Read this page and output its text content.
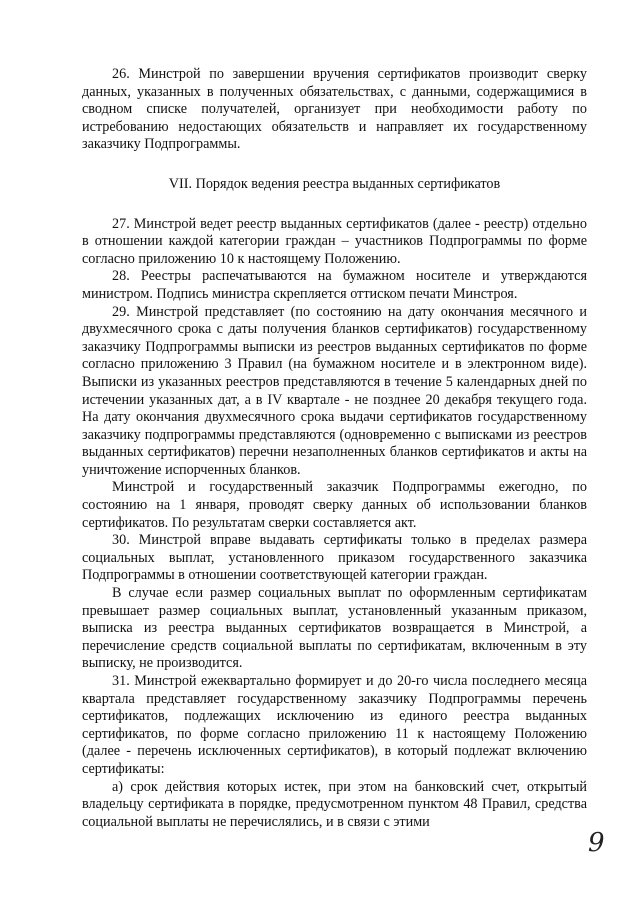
26. Минстрой по завершении вручения сертификатов производит сверку данных, указанных в полученных обязательствах, с данными, содержащимися в сводном списке получателей, организует при необходимости работу по истребованию недостающих обязательств и направляет их государственному заказчику Подпрограммы.

VII. Порядок ведения реестра выданных сертификатов

27. Минстрой ведет реестр выданных сертификатов (далее - реестр) отдельно в отношении каждой категории граждан – участников Подпрограммы по форме согласно приложению 10 к настоящему Положению.

28. Реестры распечатываются на бумажном носителе и утверждаются министром. Подпись министра скрепляется оттиском печати Минстроя.

29. Минстрой представляет (по состоянию на дату окончания месячного и двухмесячного срока с даты получения бланков сертификатов) государственному заказчику Подпрограммы выписки из реестров выданных сертификатов по форме согласно приложению 3 Правил (на бумажном носителе и в электронном виде). Выписки из указанных реестров представляются в течение 5 календарных дней по истечении указанных дат, а в IV квартале - не позднее 20 декабря текущего года. На дату окончания двухмесячного срока выдачи сертификатов государственному заказчику подпрограммы представляются (одновременно с выписками из реестров выданных сертификатов) перечни незаполненных бланков сертификатов и акты на уничтожение испорченных бланков.

Минстрой и государственный заказчик Подпрограммы ежегодно, по состоянию на 1 января, проводят сверку данных об использовании бланков сертификатов. По результатам сверки составляется акт.

30. Минстрой вправе выдавать сертификаты только в пределах размера социальных выплат, установленного приказом государственного заказчика Подпрограммы в отношении соответствующей категории граждан.

В случае если размер социальных выплат по оформленным сертификатам превышает размер социальных выплат, установленный указанным приказом, выписка из реестра выданных сертификатов возвращается в Минстрой, а перечисление средств социальной выплаты по сертификатам, включенным в эту выписку, не производится.

31. Минстрой ежеквартально формирует и до 20-го числа последнего месяца квартала представляет государственному заказчику Подпрограммы перечень сертификатов, подлежащих исключению из единого реестра выданных сертификатов, по форме согласно приложению 11 к настоящему Положению (далее - перечень исключенных сертификатов), в который подлежат включению сертификаты:

а) срок действия которых истек, при этом на банковский счет, открытый владельцу сертификата в порядке, предусмотренном пунктом 48 Правил, средства социальной выплаты не перечислялись, и в связи с этими

9
